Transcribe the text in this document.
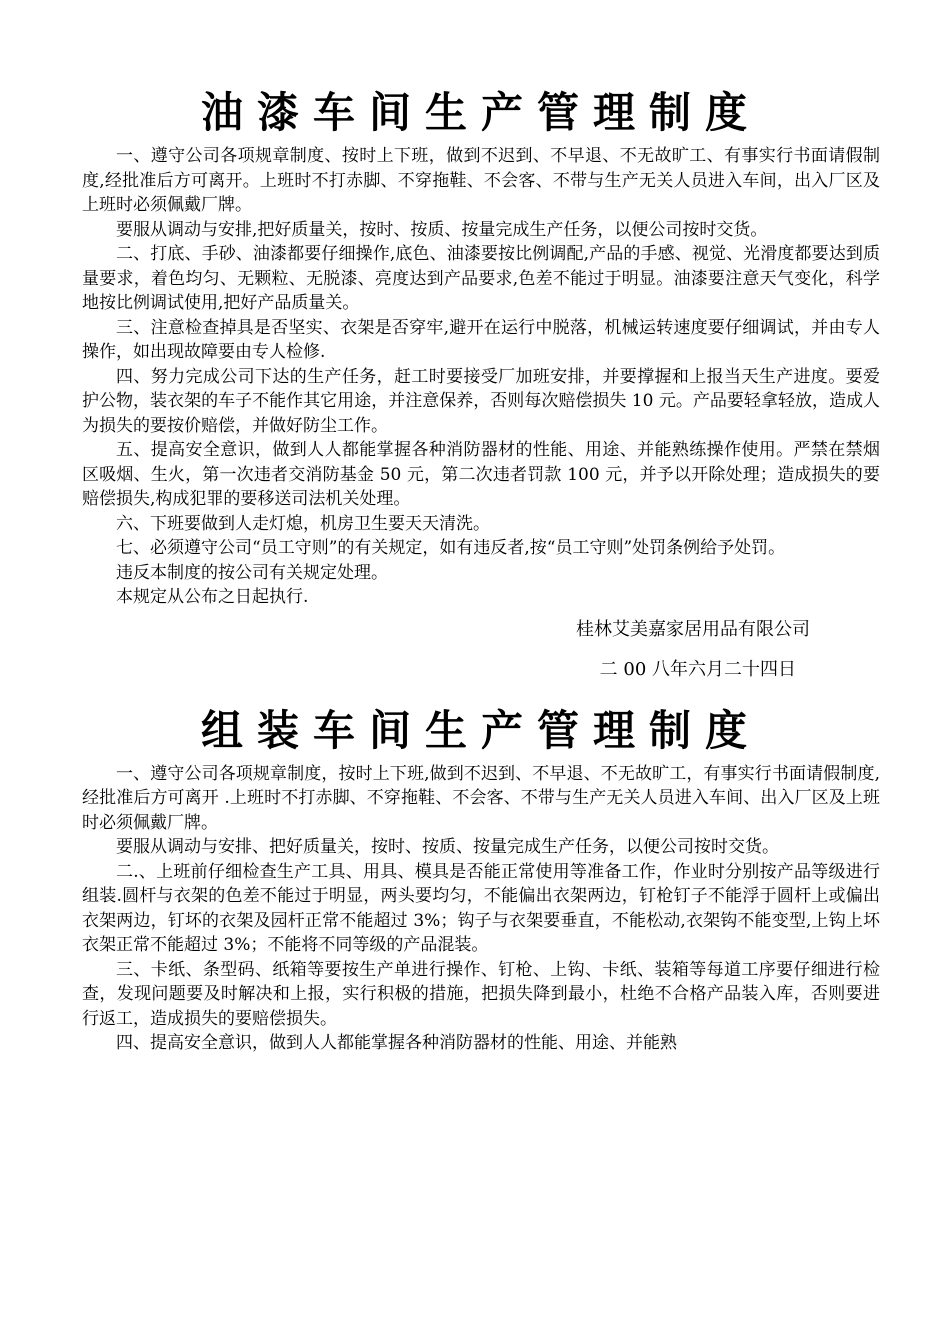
油漆车间生产管理制度

一、遵守公司各项规章制度、按时上下班，做到不迟到、不早退、不无故旷工、有事实行书面请假制度,经批准后方可离开。上班时不打赤脚、不穿拖鞋、不会客、不带与生产无关人员进入车间，出入厂区及上班时必须佩戴厂牌。

要服从调动与安排,把好质量关，按时、按质、按量完成生产任务，以便公司按时交货。

二、打底、手砂、油漆都要仔细操作,底色、油漆要按比例调配,产品的手感、视觉、光滑度都要达到质量要求，着色均匀、无颗粒、无脱漆、亮度达到产品要求,色差不能过于明显。油漆要注意天气变化，科学地按比例调试使用,把好产品质量关。

三、注意检查掉具是否坚实、衣架是否穿牢,避开在运行中脱落，机械运转速度要仔细调试，并由专人操作，如出现故障要由专人检修.

四、努力完成公司下达的生产任务，赶工时要接受厂加班安排，并要撑握和上报当天生产进度。要爱护公物，装衣架的车子不能作其它用途，并注意保养，否则每次赔偿损失 10 元。产品要轻拿轻放，造成人为损失的要按价赔偿，并做好防尘工作。

五、提高安全意识，做到人人都能掌握各种消防器材的性能、用途、并能熟练操作使用。严禁在禁烟区吸烟、生火，第一次违者交消防基金 50 元，第二次违者罚款 100 元，并予以开除处理；造成损失的要赔偿损失,构成犯罪的要移送司法机关处理。

六、下班要做到人走灯熄，机房卫生要天天清洗。

七、必须遵守公司“员工守则”的有关规定，如有违反者,按“员工守则”处罚条例给予处罚。

违反本制度的按公司有关规定处理。

本规定从公布之日起执行.

桂林艾美嘉家居用品有限公司

二 00 八年六月二十四日

组装车间生产管理制度

一、遵守公司各项规章制度，按时上下班,做到不迟到、不早退、不无故旷工，有事实行书面请假制度,经批准后方可离开 .上班时不打赤脚、不穿拖鞋、不会客、不带与生产无关人员进入车间、出入厂区及上班时必须佩戴厂牌。

要服从调动与安排、把好质量关，按时、按质、按量完成生产任务，以便公司按时交货。

二.、上班前仔细检查生产工具、用具、模具是否能正常使用等准备工作，作业时分别按产品等级进行组装.圆杆与衣架的色差不能过于明显，两头要均匀，不能偏出衣架两边，钉枪钉子不能浮于圆杆上或偏出衣架两边，钉坏的衣架及园杆正常不能超过 3%；钩子与衣架要垂直，不能松动,衣架钩不能变型,上钩上坏衣架正常不能超过 3%；不能将不同等级的产品混装。

三、卡纸、条型码、纸箱等要按生产单进行操作、钉枪、上钩、卡纸、装箱等每道工序要仔细进行检查，发现问题要及时解决和上报，实行积极的措施，把损失降到最小，杜绝不合格产品装入库，否则要进行返工，造成损失的要赔偿损失。

四、提高安全意识，做到人人都能掌握各种消防器材的性能、用途、并能熟
